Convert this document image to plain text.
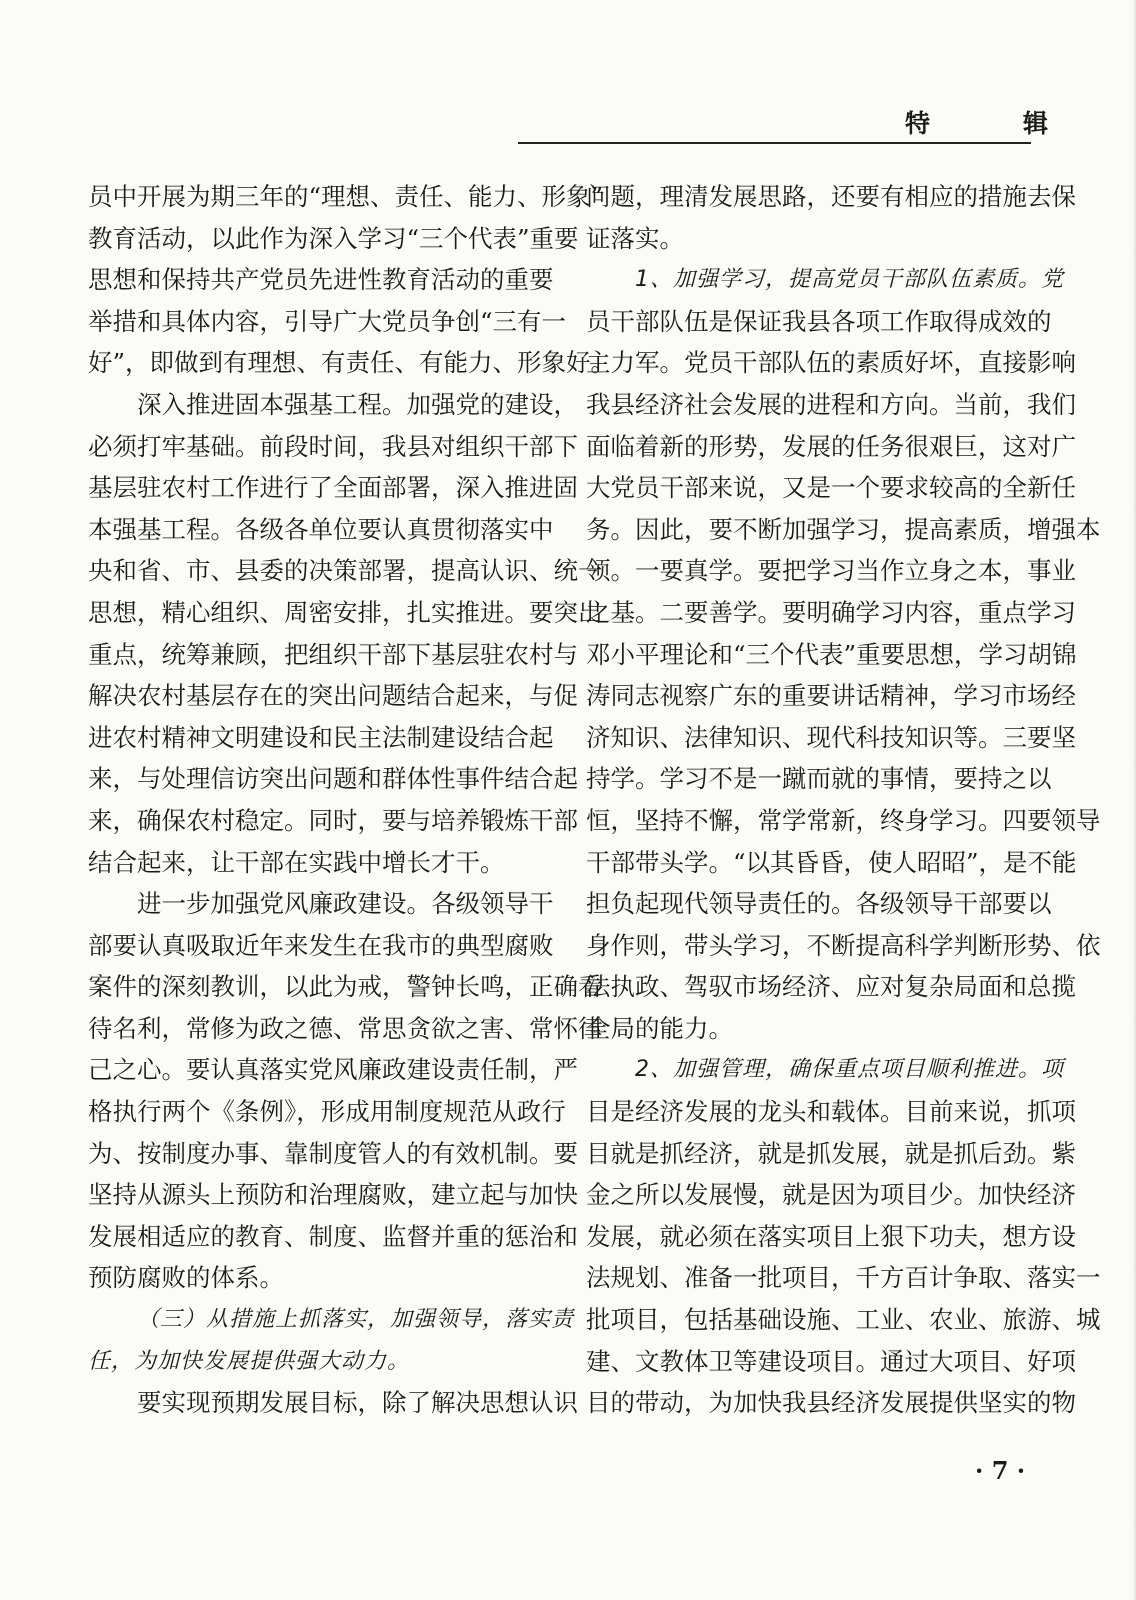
特　辑
员中开展为期三年的“理想、责任、能力、形象”
教育活动，以此作为深入学习“三个代表”重要
思想和保持共产党员先进性教育活动的重要
举措和具体内容，引导广大党员争创“三有一
好”，即做到有理想、有责任、有能力、形象好。
深入推进固本强基工程。加强党的建设，
必须打牢基础。前段时间，我县对组织干部下
基层驻农村工作进行了全面部署，深入推进固
本强基工程。各级各单位要认真贯彻落实中
央和省、市、县委的决策部署，提高认识、统一
思想，精心组织、周密安排，扎实推进。要突出
重点，统筹兼顾，把组织干部下基层驻农村与
解决农村基层存在的突出问题结合起来，与促
进农村精神文明建设和民主法制建设结合起
来，与处理信访突出问题和群体性事件结合起
来，确保农村稳定。同时，要与培养锻炼干部
结合起来，让干部在实践中增长才干。
进一步加强党风廉政建设。各级领导干
部要认真吸取近年来发生在我市的典型腐败
案件的深刻教训，以此为戒，警钟长鸣，正确看
待名利，常修为政之德、常思贪欲之害、常怀律
己之心。要认真落实党风廉政建设责任制，严
格执行两个《条例》，形成用制度规范从政行
为、按制度办事、靠制度管人的有效机制。要
坚持从源头上预防和治理腐败，建立起与加快
发展相适应的教育、制度、监督并重的惩治和
预防腐败的体系。
（三）从措施上抓落实，加强领导，落实责
任，为加快发展提供强大动力。
要实现预期发展目标，除了解决思想认识
问题，理清发展思路，还要有相应的措施去保
证落实。
1、加强学习，提高党员干部队伍素质。党
员干部队伍是保证我县各项工作取得成效的
主力军。党员干部队伍的素质好坏，直接影响
我县经济社会发展的进程和方向。当前，我们
面临着新的形势，发展的任务很艰巨，这对广
大党员干部来说，又是一个要求较高的全新任
务。因此，要不断加强学习，提高素质，增强本
领。一要真学。要把学习当作立身之本，事业
之基。二要善学。要明确学习内容，重点学习
邓小平理论和“三个代表”重要思想，学习胡锦
涛同志视察广东的重要讲话精神，学习市场经
济知识、法律知识、现代科技知识等。三要坚
持学。学习不是一蹴而就的事情，要持之以
恒，坚持不懈，常学常新，终身学习。四要领导
干部带头学。“以其昏昏，使人昭昭”，是不能
担负起现代领导责任的。各级领导干部要以
身作则，带头学习，不断提高科学判断形势、依
法执政、驾驭市场经济、应对复杂局面和总揽
全局的能力。
2、加强管理，确保重点项目顺利推进。项
目是经济发展的龙头和载体。目前来说，抓项
目就是抓经济，就是抓发展，就是抓后劲。紫
金之所以发展慢，就是因为项目少。加快经济
发展，就必须在落实项目上狠下功夫，想方设
法规划、准备一批项目，千方百计争取、落实一
批项目，包括基础设施、工业、农业、旅游、城
建、文教体卫等建设项目。通过大项目、好项
目的带动，为加快我县经济发展提供坚实的物
· 7 ·
